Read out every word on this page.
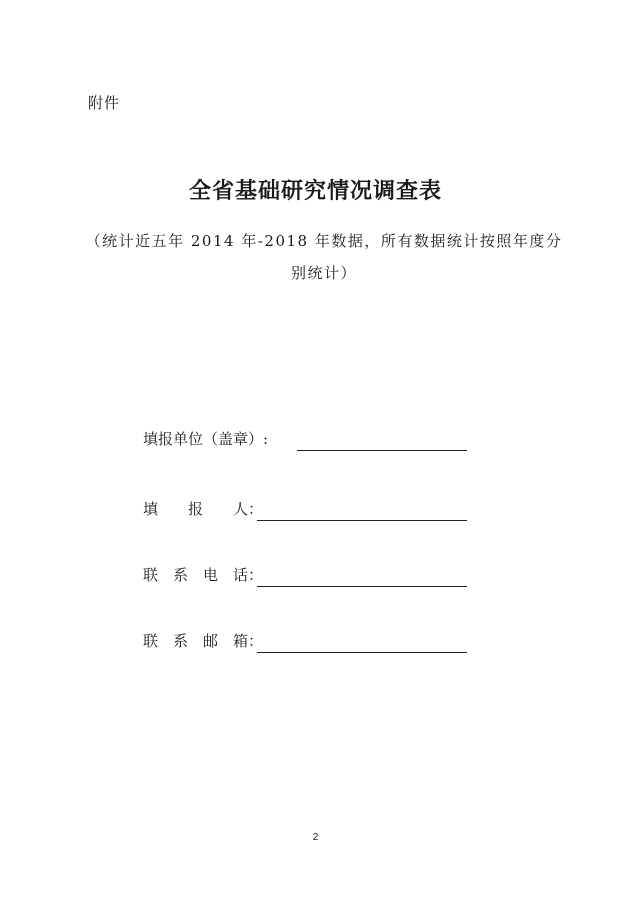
附件
全省基础研究情况调查表
（统计近五年 2014 年-2018 年数据，所有数据统计按照年度分别统计）
填报单位（盖章）:
填　　报　　人：
联　系　电　话：
联　系　邮　箱：
2
